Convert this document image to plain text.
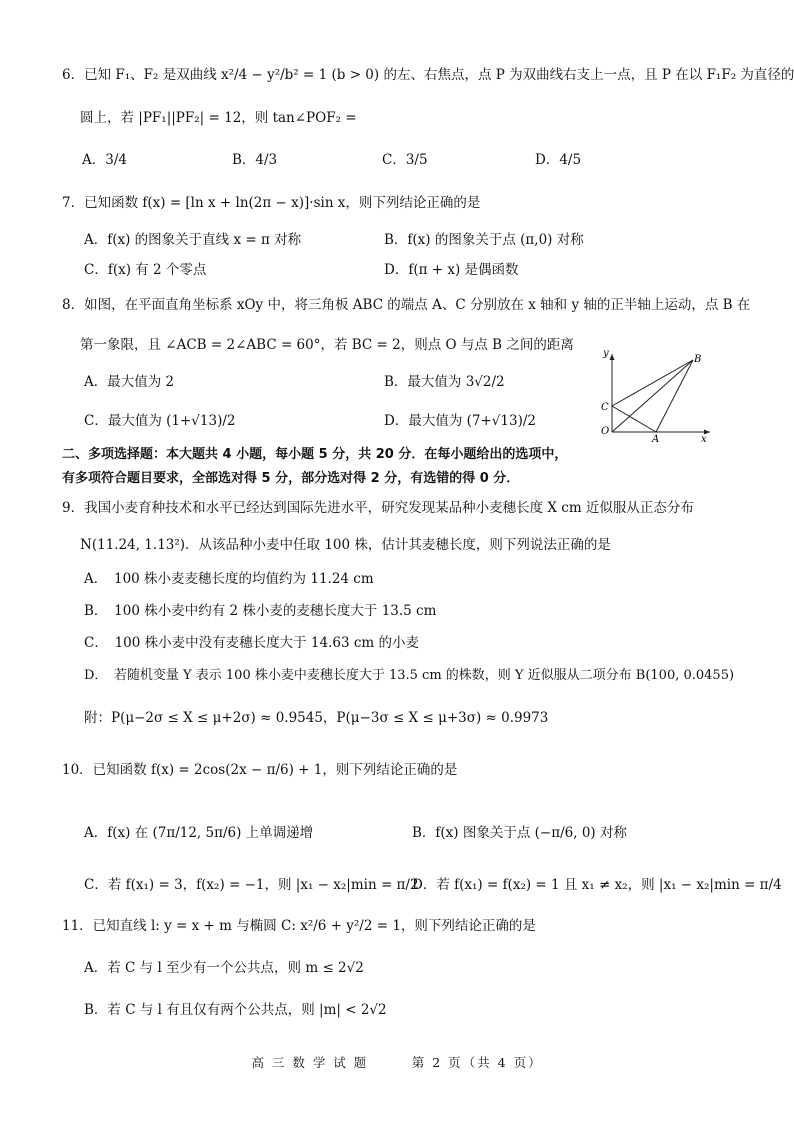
6．已知 F₁、F₂ 是双曲线 x²/4 − y²/b² = 1 (b > 0) 的左、右焦点，点 P 为双曲线右支上一点，且 P 在以 F₁F₂ 为直径的
圆上，若 |PF₁||PF₂| = 12，则 tan∠POF₂ =
A．3/4	B．4/3	C．3/5	D．4/5
7．已知函数 f(x) = [ln x + ln(2π − x)]·sin x，则下列结论正确的是
A．f(x) 的图象关于直线 x = π 对称	B．f(x) 的图象关于点 (π,0) 对称
C．f(x) 有 2 个零点	D．f(π + x) 是偶函数
8．如图，在平面直角坐标系 xOy 中，将三角板 ABC 的端点 A、C 分别放在 x 轴和 y 轴的正半轴上运动，点 B 在
第一象限，且 ∠ACB = 2∠ABC = 60°，若 BC = 2，则点 O 与点 B 之间的距离
A．最大值为 2	B．最大值为 3√2/2
C．最大值为 (1+√13)/2	D．最大值为 (7+√13)/2
y
x
O
A
B
C
二、多项选择题：本大题共 4 小题，每小题 5 分，共 20 分．在每小题给出的选项中，
有多项符合题目要求，全部选对得 5 分，部分选对得 2 分，有选错的得 0 分．
9．我国小麦育种技术和水平已经达到国际先进水平，研究发现某品种小麦穗长度 X cm 近似服从正态分布
N(11.24, 1.13²)．从该品种小麦中任取 100 株，估计其麦穗长度，则下列说法正确的是
A．　100 株小麦麦穗长度的均值约为 11.24 cm
B．　100 株小麦中约有 2 株小麦的麦穗长度大于 13.5 cm
C．　100 株小麦中没有麦穗长度大于 14.63 cm 的小麦
D．　若随机变量 Y 表示 100 株小麦中麦穗长度大于 13.5 cm 的株数，则 Y 近似服从二项分布 B(100, 0.0455)
附：P(μ−2σ ≤ X ≤ μ+2σ) ≈ 0.9545，P(μ−3σ ≤ X ≤ μ+3σ) ≈ 0.9973
10．已知函数 f(x) = 2cos(2x − π/6) + 1，则下列结论正确的是
A．f(x) 在 (7π/12, 5π/6) 上单调递增	B．f(x) 图象关于点 (−π/6, 0) 对称
C．若 f(x₁) = 3，f(x₂) = −1，则 |x₁ − x₂|min = π/2
D．若 f(x₁) = f(x₂) = 1 且 x₁ ≠ x₂，则 |x₁ − x₂|min = π/4
11．已知直线 l: y = x + m 与椭圆 C: x²/6 + y²/2 = 1，则下列结论正确的是
A．若 C 与 l 至少有一个公共点，则 m ≤ 2√2
B．若 C 与 l 有且仅有两个公共点，则 |m| < 2√2
高 三 数 学 试 题　　　第 2 页（共 4 页）
